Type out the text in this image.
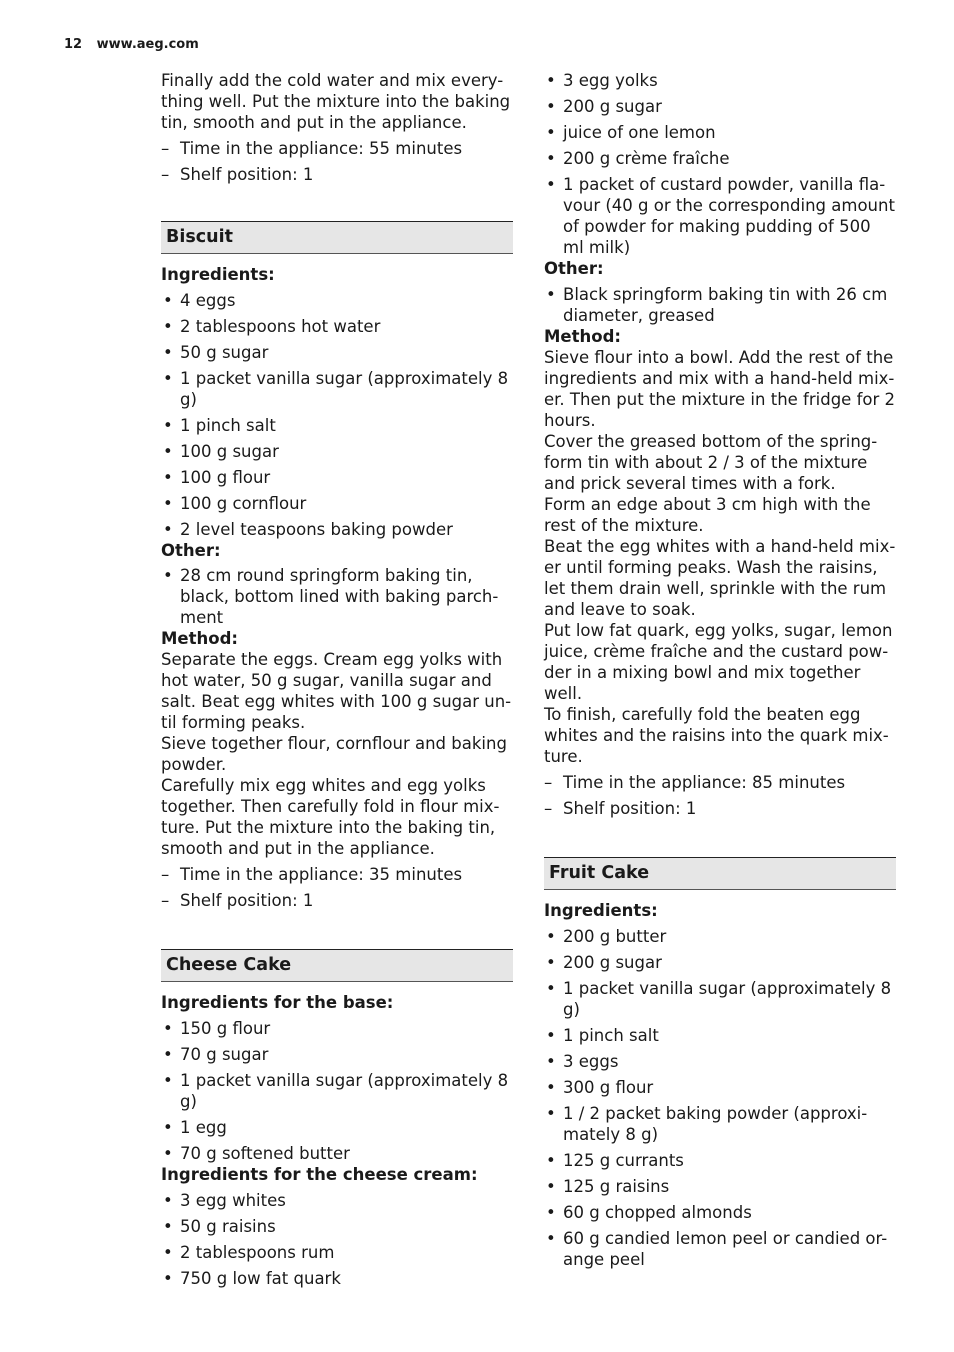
12 www.aeg.com

Finally add the cold water and mix every-thing well. Put the mixture into the baking tin, smooth and put in the appliance.

– Time in the appliance: 55 minutes
– Shelf position: 1
Biscuit

Ingredients:

• 4 eggs
• 2 tablespoons hot water
• 50 g sugar
• 1 packet vanilla sugar (approximately 8 g)
• 1 pinch salt
• 100 g sugar
• 100 g flour
• 100 g cornflour
• 2 level teaspoons baking powder

Other:

• 28 cm round springform baking tin, black, bottom lined with baking parch-ment

Method:

Separate the eggs. Cream egg yolks with hot water, 50 g sugar, vanilla sugar and salt. Beat egg whites with 100 g sugar un-til forming peaks.

Sieve together flour, cornflour and baking powder.

Carefully mix egg whites and egg yolks together. Then carefully fold in flour mix-ture. Put the mixture into the baking tin, smooth and put in the appliance.

– Time in the appliance: 35 minutes
– Shelf position: 1
Cheese Cake

Ingredients for the base:

• 150 g flour
• 70 g sugar
• 1 packet vanilla sugar (approximately 8 g)
• 1 egg
• 70 g softened butter

Ingredients for the cheese cream:

• 3 egg whites
• 50 g raisins
• 2 tablespoons rum
• 750 g low fat quark
• 3 egg yolks
• 200 g sugar
• juice of one lemon
• 200 g crème fraîche
• 1 packet of custard powder, vanilla fla-vour (40 g or the corresponding amount of powder for making pudding of 500 ml milk)

Other:

• Black springform baking tin with 26 cm diameter, greased

Method:

Sieve flour into a bowl. Add the rest of the ingredients and mix with a hand-held mix-er. Then put the mixture in the fridge for 2 hours.

Cover the greased bottom of the spring-form tin with about 2 / 3 of the mixture and prick several times with a fork.

Form an edge about 3 cm high with the rest of the mixture.

Beat the egg whites with a hand-held mix-er until forming peaks. Wash the raisins, let them drain well, sprinkle with the rum and leave to soak.

Put low fat quark, egg yolks, sugar, lemon juice, crème fraîche and the custard pow-der in a mixing bowl and mix together well.

To finish, carefully fold the beaten egg whites and the raisins into the quark mix-ture.

– Time in the appliance: 85 minutes
– Shelf position: 1
Fruit Cake

Ingredients:

• 200 g butter
• 200 g sugar
• 1 packet vanilla sugar (approximately 8 g)
• 1 pinch salt
• 3 eggs
• 300 g flour
• 1 / 2 packet baking powder (approxi-mately 8 g)
• 125 g currants
• 125 g raisins
• 60 g chopped almonds
• 60 g candied lemon peel or candied or-ange peel
